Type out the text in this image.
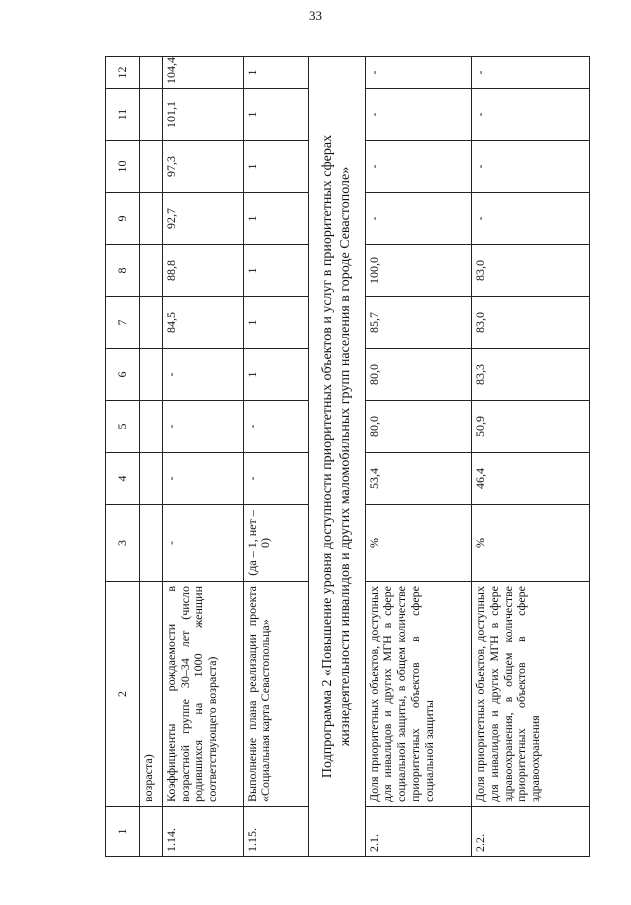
33
1	2	3	4	5	6	7	8	9	10	11	12
	возраста)										
1.14.	Коэффициенты рождаемости в возрастной группе 30–34 лет (число родившихся на 1000 женщин соответствующего возраста)	-	-	-	-	84,5	88,8	92,7	97,3	101,1	104,4
1.15.	Выполнение плана реализации проекта «Социальная карта Севастопольца»	(да – 1, нет – 0)	-	-	1	1	1	1	1	1	1
Подпрограмма 2 «Повышение уровня доступности приоритетных объектов и услуг в приоритетных сферах жизнедеятельности инвалидов и других маломобильных групп населения в городе Севастополе»											
2.1.	Доля приоритетных объектов, доступных для инвалидов и других МГН в сфере социальной защиты, в общем количестве приоритетных объектов в сфере социальной защиты	%	53,4	80,0	80,0	85,7	100,0	-	-	-	-
2.2.	Доля приоритетных объектов, доступных для инвалидов и других МГН в сфере здравоохранения, в общем количестве приоритетных объектов в сфере здравоохранения	%	46,4	50,9	83,3	83,0	83,0	-	-	-	-
